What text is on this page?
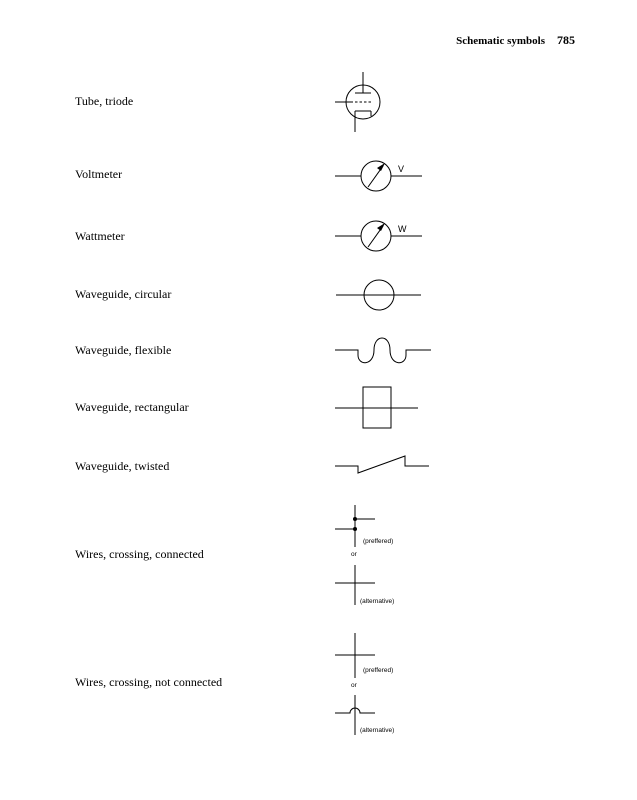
Schematic symbols 785
Tube, triode
Voltmeter
Wattmeter
Waveguide, circular
Waveguide, flexible
Waveguide, rectangular
Waveguide, twisted
Wires, crossing, connected
Wires, crossing, not connected
V
W
(preffered)
or
(alternative)
(preffered)
or
(alternative)
